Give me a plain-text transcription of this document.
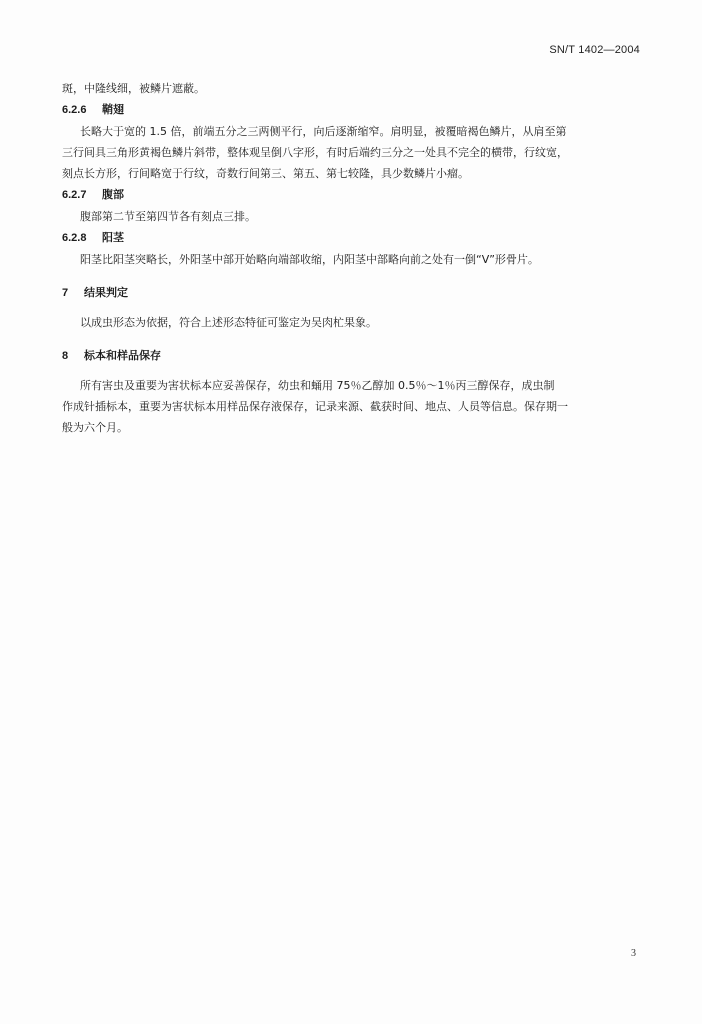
SN/T 1402—2004
斑，中隆线细，被鳞片遮蔽。
6.2.6 鞘翅
长略大于宽的 1.5 倍，前端五分之三两侧平行，向后逐渐缩窄。肩明显，被覆暗褐色鳞片，从肩至第
三行间具三角形黄褐色鳞片斜带，整体观呈倒八字形，有时后端约三分之一处具不完全的横带，行纹宽，
刻点长方形，行间略宽于行纹，奇数行间第三、第五、第七较隆，具少数鳞片小瘤。
6.2.7 腹部
腹部第二节至第四节各有刻点三排。
6.2.8 阳茎
阳茎比阳茎突略长，外阳茎中部开始略向端部收缩，内阳茎中部略向前之处有一倒“V”形骨片。
7 结果判定
以成虫形态为依据，符合上述形态特征可鉴定为吴肉杧果象。
8 标本和样品保存
所有害虫及重要为害状标本应妥善保存，幼虫和蛹用 75％乙醇加 0.5％～1％丙三醇保存，成虫制
作成针插标本，重要为害状标本用样品保存液保存，记录来源、截获时间、地点、人员等信息。保存期一
般为六个月。
3
